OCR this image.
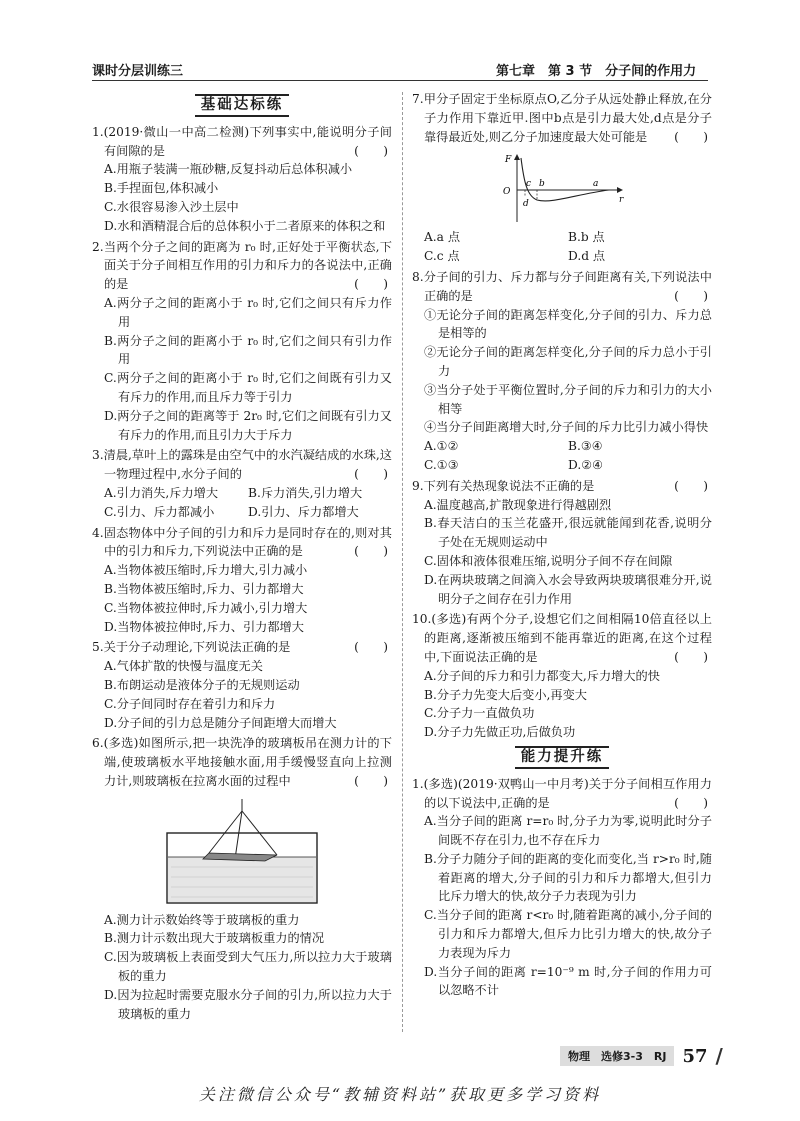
课时分层训练三	第七章　第 3 节　分子间的作用力
基础达标练
1.(2019·微山一中高二检测)下列事实中,能说明分子间有间隙的是	(　　)
A.用瓶子装满一瓶砂糖,反复抖动后总体积减小
B.手捏面包,体积减小
C.水很容易渗入沙土层中
D.水和酒精混合后的总体积小于二者原来的体积之和
2.当两个分子之间的距离为 r₀ 时,正好处于平衡状态,下面关于分子间相互作用的引力和斥力的各说法中,正确的是	(　　)
A.两分子之间的距离小于 r₀ 时,它们之间只有斥力作用
B.两分子之间的距离小于 r₀ 时,它们之间只有引力作用
C.两分子之间的距离小于 r₀ 时,它们之间既有引力又有斥力的作用,而且斥力等于引力
D.两分子之间的距离等于 2r₀ 时,它们之间既有引力又有斥力的作用,而且引力大于斥力
3.清晨,草叶上的露珠是由空气中的水汽凝结成的水珠,这一物理过程中,水分子间的	(　　)
A.引力消失,斥力增大	B.斥力消失,引力增大
C.引力、斥力都减小	D.引力、斥力都增大
4.固态物体中分子间的引力和斥力是同时存在的,则对其中的引力和斥力,下列说法中正确的是	(　　)
A.当物体被压缩时,斥力增大,引力减小
B.当物体被压缩时,斥力、引力都增大
C.当物体被拉伸时,斥力减小,引力增大
D.当物体被拉伸时,斥力、引力都增大
5.关于分子动理论,下列说法正确的是	(　　)
A.气体扩散的快慢与温度无关
B.布朗运动是液体分子的无规则运动
C.分子间同时存在着引力和斥力
D.分子间的引力总是随分子间距增大而增大
6.(多选)如图所示,把一块洗净的玻璃板吊在测力计的下端,使玻璃板水平地接触水面,用手缓慢竖直向上拉测力计,则玻璃板在拉离水面的过程中	(　　)
A.测力计示数始终等于玻璃板的重力
B.测力计示数出现大于玻璃板重力的情况
C.因为玻璃板上表面受到大气压力,所以拉力大于玻璃板的重力
D.因为拉起时需要克服水分子间的引力,所以拉力大于玻璃板的重力
7.甲分子固定于坐标原点O,乙分子从远处静止释放,在分子力作用下靠近甲.图中b点是引力最大处,d点是分子靠得最近处,则乙分子加速度最大处可能是 (　　)
F
O
r
a
b
c
d
A.a 点	B.b 点
C.c 点	D.d 点
8.分子间的引力、斥力都与分子间距离有关,下列说法中正确的是	(　　)
①无论分子间的距离怎样变化,分子间的引力、斥力总是相等的
②无论分子间的距离怎样变化,分子间的斥力总小于引力
③当分子处于平衡位置时,分子间的斥力和引力的大小相等
④当分子间距离增大时,分子间的斥力比引力减小得快
A.①②	B.③④
C.①③	D.②④
9.下列有关热现象说法不正确的是	(　　)
A.温度越高,扩散现象进行得越剧烈
B.春天洁白的玉兰花盛开,很远就能闻到花香,说明分子处在无规则运动中
C.固体和液体很难压缩,说明分子间不存在间隙
D.在两块玻璃之间滴入水会导致两块玻璃很难分开,说明分子之间存在引力作用
10.(多选)有两个分子,设想它们之间相隔10倍直径以上的距离,逐渐被压缩到不能再靠近的距离,在这个过程中,下面说法正确的是	(　　)
A.分子间的斥力和引力都变大,斥力增大的快
B.分子力先变大后变小,再变大
C.分子力一直做负功
D.分子力先做正功,后做负功
能力提升练
1.(多选)(2019·双鸭山一中月考)关于分子间相互作用力的以下说法中,正确的是	(　　)
A.当分子间的距离 r=r₀ 时,分子力为零,说明此时分子间既不存在引力,也不存在斥力
B.分子力随分子间的距离的变化而变化,当 r>r₀ 时,随着距离的增大,分子间的引力和斥力都增大,但引力比斥力增大的快,故分子力表现为引力
C.当分子间的距离 r<r₀ 时,随着距离的减小,分子间的引力和斥力都增大,但斥力比引力增大的快,故分子力表现为斥力
D.当分子间的距离 r=10⁻⁹ m 时,分子间的作用力可以忽略不计
物理　选修3-3　RJ 57 /
关注微信公众号“教辅资料站”获取更多学习资料
